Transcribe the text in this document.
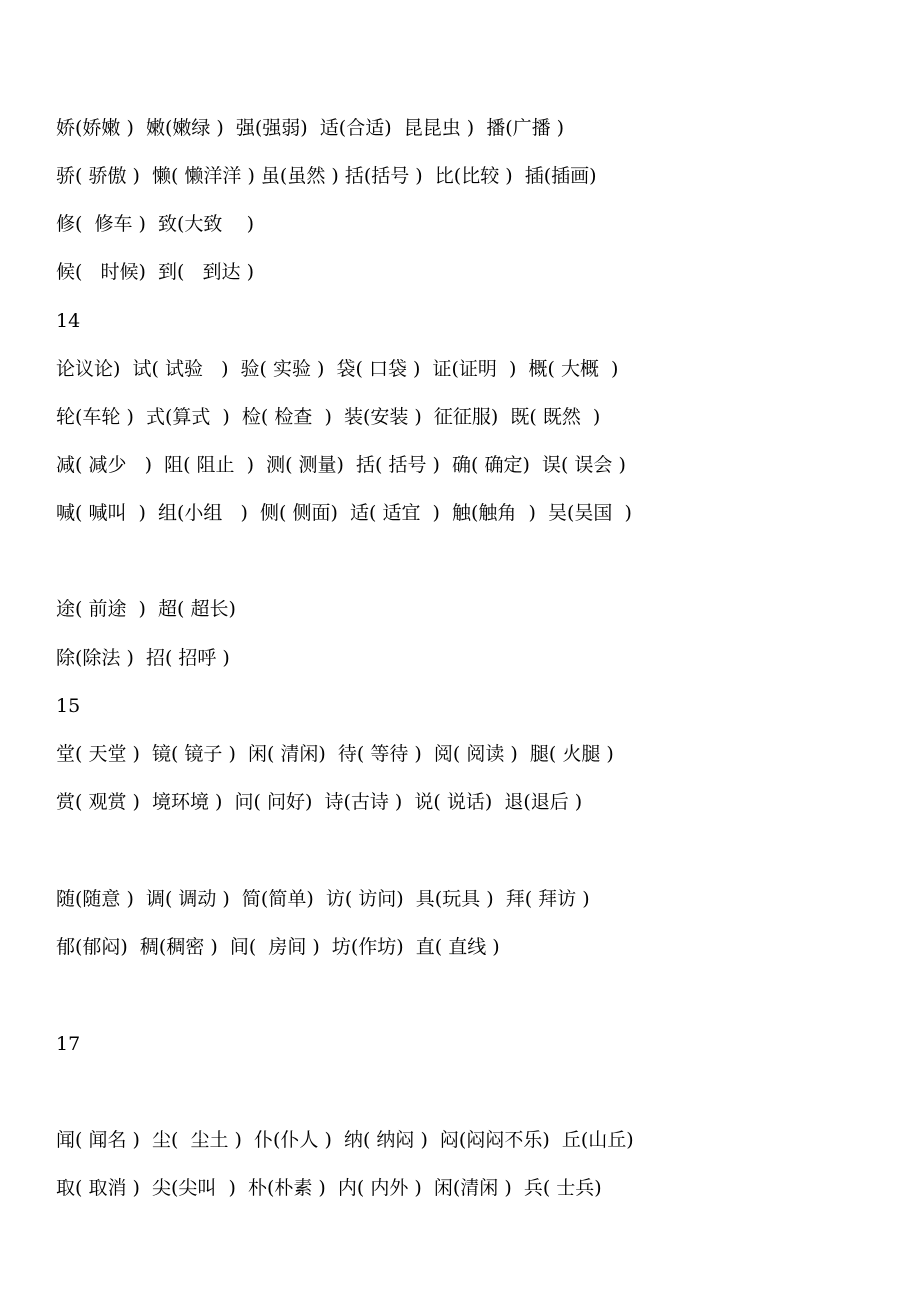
娇(娇嫩 )  嫩(嫩绿 )  强(强弱)  适(合适)  昆昆虫 )  播(广播 )
骄( 骄傲 )  懒( 懒洋洋 ) 虽(虽然 ) 括(括号 )  比(比较 )  插(插画)
修(  修车 )  致(大致    )
候(   时候)  到(   到达 )
14
论议论)  试( 试验   )  验( 实验 )  袋( 口袋 )  证(证明  )  概( 大概  )
轮(车轮 )  式(算式  )  检( 检查  )  装(安装 )  征征服)  既( 既然  )
减( 减少   )  阻( 阻止  )  测( 测量)  括( 括号 )  确( 确定)  误( 误会 )
喊( 喊叫  )  组(小组   )  侧( 侧面)  适( 适宜  )  触(触角  )  吴(吴国  )
途( 前途  )  超( 超长)
除(除法 )  招( 招呼 )
15
堂( 天堂 )  镜( 镜子 )  闲( 清闲)  待( 等待 )  阅( 阅读 )  腿( 火腿 )
赏( 观赏 )  境环境 )  问( 问好)  诗(古诗 )  说( 说话)  退(退后 )
随(随意 )  调( 调动 )  简(简单)  访( 访问)  具(玩具 )  拜( 拜访 )
郁(郁闷)  稠(稠密 )  间(  房间 )  坊(作坊)  直( 直线 )
17
闻( 闻名 )  尘(  尘土 )  仆(仆人 )  纳( 纳闷 )  闷(闷闷不乐)  丘(山丘)
取( 取消 )  尖(尖叫  )  朴(朴素 )  内( 内外 )  闲(清闲 )  兵( 士兵)
